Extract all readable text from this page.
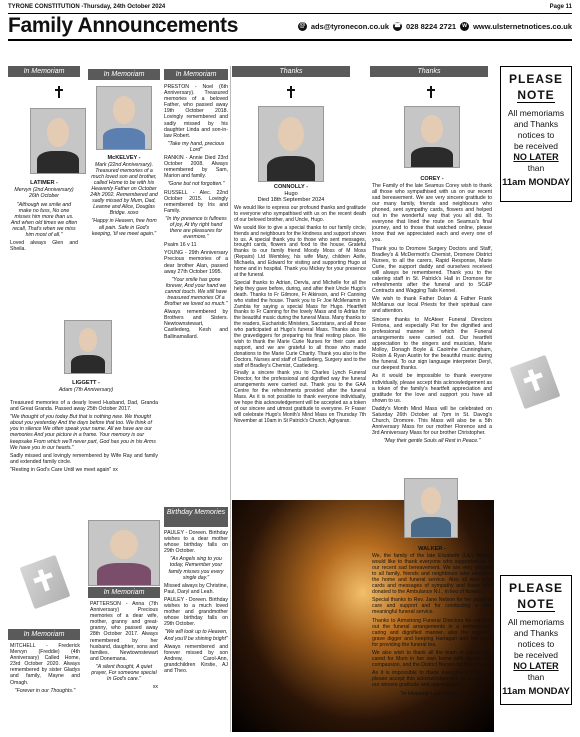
TYRONE CONSTITUTION -Thursday, 24th October 2024	Page 11
Family Announcements	@ ads@tyronecon.co.uk ☎ 028 8224 2721	w www.ulsternetnotices.co.uk
In Memoriam	In Memoriam	In Memoriam	Thanks	Thanks
In Memoriam
Birthday Memories
In Memoriam
LATIMER -
Mervyn (2nd Anniversary) 26th October

"Although we smile and make no fuss, No one misses him more than us. And when old times we often recall, That's when we miss him most of all."

Loved always Glen and Sheila.

LIGGETT -
Adam (7th Anniversary)

Treasured memories of a dearly loved Husband, Dad, Granda and Great Granda. Passed away 25th October 2017.

"We thought of you today But that is nothing new. We thought about you yesterday And the days before that too. We think of you in silence We often speak your name. All we have are our memories And your picture in a frame. Your memory is our keepsake From which we'll never part, God has you in his Arms We have you in our hearts."

Sadly missed and lovingly remembered by Wife Ray and family and extended family circle.

"Resting in God's Care Until we meet again" xx

MITCHELL - Frederick Mervyn (Freddie) (4th Anniversary) Called Home, 23rd October 2020. Always remembered by sister Gladys and family, Mayne and Omagh.

"Forever in our Thoughts."

McKELVEY -

Mark (22nd Anniversary). Treasured memories of a much loved son and brother, called Home to be with his Heavenly Father on October 24th 2002. Remembered and sadly missed by Mum, Dad, Leanne and Alice, Douglas Bridge. xoxo

"Happy in Heaven, free from all pain. Safe in God's keeping, 'til we meet again."

PATTERSON - Anna (7th Anniversary) Precious memories of a dear wife, mother, granny and great-granny, who passed away 28th October 2017. Always remembered by her husband, daughter, sons and families. Newtownstewart and Donemana.

"A silent thought, A quiet prayer, For someone special In God's care."

xx

PRESTON - Noel (6th Anniversary). Treasured memories of a beloved Father, who passed away 19th October 2018. Lovingly remembered and sadly missed by his daughter Linda and son-in-law Robert.

"Take my hand, precious Lord"

RANKIN - Annie Died 23rd October 2008. Always remembered by Sam, Marion and family.

"Gone but not forgotten."

RUSSELL - Alec. 22nd October 2015. Lovingly remembered by Iris and Family.

"In thy presence is fullness of joy, At thy right hand there are pleasures for evermore."

Psalm 16 v 11

YOUNG - 29th Anniversary Precious memories of a dear brother Alan, passed away 27th October 1995.

"Your smile has gone forever, And your hand we cannot touch. We still have treasured memories Of a Brother we loved so much."

Always remembered by Brothers and Sisters. Newtownstewart, Castlederg, Kesh and Ballinamallard.

PAULEY - Doreen. Birthday wishes to a dear mother whose birthday falls on 29th October.

"As Angels sing to you today, Remember your family misses you every single day."

Missed always by Christine, Paul, Daryl and Leah.

PAULEY - Doreen. Birthday wishes to a much loved mother and grandmother whose birthday falls on 29th October.

"We will look up to Heaven, And you'll be shining bright"

Always remembered and forever missed by son Andrew, Carol-Ann, grandchildren Kirstie, AJ and Theo.

CONNOLLY -
Hugo
Died 18th September 2024

We would like to express our profound thanks and gratitude to everyone who sympathised with us on the recent death of our beloved brother, and Uncle, Hugo.

We would like to give a special thanks to our family circle, friends and neighbours for the kindness and support shown to us. A special thank you to those who sent messages, brought cards, flowers and food to the house. Grateful thanks to our family friend Moody Moss of M Moss (Repairs) Ltd Wembley, his wife Mary, children Aoife, Michaela, and Edward for visiting and supporting Hugo at home and in hospital. Thank you Mickey for your presence at the funeral.

Special thanks to Adrian, Dervla, and Michelle for all the help they gave before, during, and after their Uncle Hugo's death. Thanks to Fr Gilmore, Fr Atkinson, and Fr Canning who visited the house. Thank you to Fr Joe McMenamin in Zambia for saying a special Mass for Hugo. Heartfelt thanks to Fr Canning for the lovely Mass and to Adrian for the beautiful music during the funeral Mass. Many thanks to the readers, Eucharistic Ministers, Sacristans, and all those who participated at Hugo's funeral Mass. Thanks also to the gravediggers for preparing his final resting place. We wish to thank the Marie Curie Nurses for their care and support, and we are grateful to all those who made donations to the Marie Curie Charity. Thank you also to the Doctors, Nurses and staff of Castlederg, Surgery and to the staff of Bradley's Chemist, Castlederg.

Finally a sincere thank you to Charles Lynch Funeral Director, for the professional and dignified way the funeral arrangements were carried out. Thank you to the GAA Centre for the refreshments provided after the funeral Mass. As it is not possible to thank everyone individually, we hope this acknowledgement will be accepted as a token of our sincere and utmost gratitude to everyone. Fr Fraser will celebrate Hugo's Month's Mind Mass on Thursday 7th November at 10am in St Patrick's Church, Aghyaran.

COREY -

The Family of the late Seamus Corey wish to thank all those who sympathised with us on our recent sad bereavement. We are very sincere gratitude to our many family, friends and neighbours who phoned, sent sympathy cards, flowers and helped out in the wonderful way that you all did. To everyone that lined the route on Seamus's final journey, and to those that watched online, please know that we appreciated each and every one of you.

Thank you to Dromore Surgery Doctors and Staff, Bradley's & McDermott's Chemist, Dromore District Nurses, to all the carers, Rapid Response, Marie Curie, the support daddy and ourselves received will always be remembered. Thank you to the catering staff in St. Patrick's Hall in Dromore for refreshments after the funeral and to SC&P Contracts and Wagging Tails Kennel.

We wish to thank Father Dolan & Father Frank McManus our local Priests for their spiritual care and attention.

Sincere thanks to McAteer Funeral Directors Fintona, and especially Pat for the dignified and professional manner in which the Funeral arrangements were carried out. Our heartfelt appreciation to the singers and musician, Marie Molloy, Donagh Boyle & Caoimhe Cunningham, Roisin & Ryan Austin for the beautiful music during the funeral. To our sign language interpreter Deryl, our deepest thanks.

As it would be impossible to thank everyone individually, please accept this acknowledgement as a token of the family's heartfelt appreciation and gratitude for the love and support you have all shown to us.

Daddy's Month Mind Mass will be celebrated on Saturday 26th October at 7pm in St. Davog's Church, Dromore. This Mass will also be a 5th Anniversary Mass for our mother Florence and a 3rd Anniversary Mass for our brother Christopher.

"May their gentle Souls all Rest in Peace."

WALKER -

We, the family of the late Elizabeth (Lily) Walker would like to thank everyone who supported us in our recent sad bereavement. We are very grateful to all family, friends and neighbours who attended the home and funeral service. Also all who sent cards and messages of sympathy and those who donated to the Ambulance N.I., in lieu of flowers.

Special thanks to Rev. Jane Nelson for her pastoral care and support and for conducting a very meaningful funeral service.

Thanks to Armstrong Funeral Directors for carrying out the funeral arrangements in a professional, caring and dignified manner, also the organist, grave digger and keeping Hartagan and her team for providing the funeral tea.

We also wish to thank all the team of carers who cared for Mum in her own home with dignity and compassion, and the District Nurses for their care.

As it is impossible to thank everyone individually, please accept this acknowledgement as a token of our sincere gratitude and appreciation.

"In Heavenly Love Abiding."

PLEASE
NOTE
All memoriams
and Thanks
notices to
be received
NO LATER
than
11am MONDAY
PLEASE
NOTE
All memoriams
and Thanks
notices to
be received
NO LATER
than
11am MONDAY
